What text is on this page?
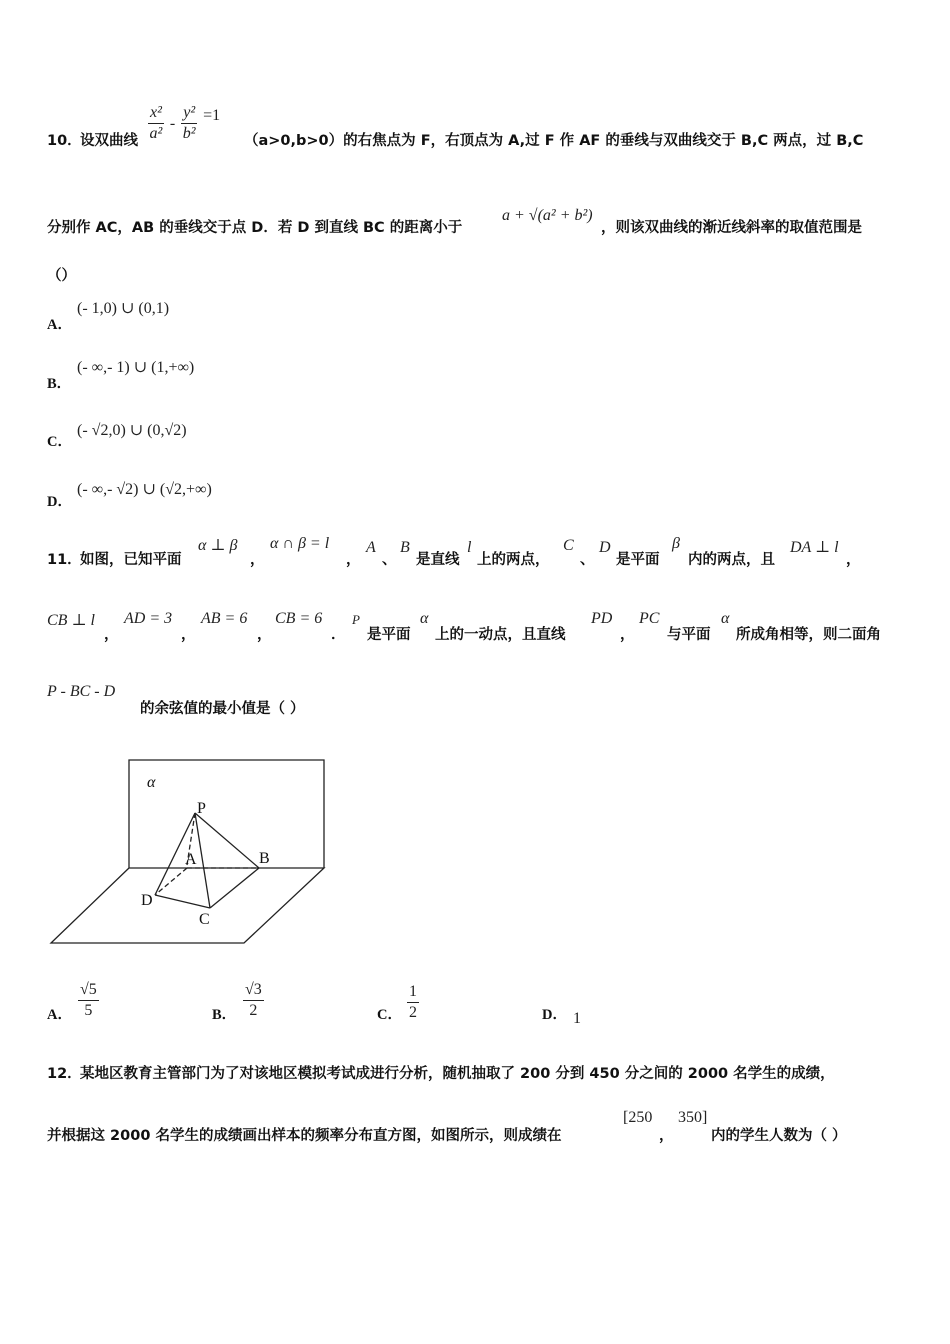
10．
设双曲线 $\frac{\text{x²}}{\text{a²}} - \frac{\text{y²}}{\text{b²}} =1$
（a>0,b>0）的右焦点为 F，右顶点为 A,过 F 作 AF 的垂线与双曲线交于 B,C 两点，过 B,C
分别作 AC，AB 的垂线交于点 D．若 D 到直线 BC 的距离小于
a + √(a² + b²)
，则该双曲线的渐近线斜率的取值范围是
（）
A．
(- 1,0) ∪ (0,1)
B．
(- ∞,- 1) ∪ (1,+∞)
C．
(- √2,0) ∪ (0,√2)
D．
(- ∞,- √2) ∪ (√2,+∞)
11．
如图，已知平面
α ⊥ β
，
α ∩ β = l
，
A
、
B
是直线
l
上的两点，
C
、
D
是平面
β
内的两点，且
DA ⊥ l
，
CB ⊥ l
，
AD = 3
，
AB = 6
，
CB = 6
．
P
是平面
α
上的一动点，且直线
PD
，
PC
与平面
α
所成角相等，则二面角
P - BC - D
的余弦值的最小值是（ ）
α
P
A	B
D
C
A． $\frac{√5}{5}$	B． $\frac{√3}{2}$	C． $\frac{1}{2}$	D． 1
12．
某地区教育主管部门为了对该地区模拟考试成进行分析，随机抽取了 200 分到 450 分之间的 2000 名学生的成绩，
并根据这 2000 名学生的成绩画出样本的频率分布直方图，如图所示，则成绩在
[250
，
350]
内的学生人数为（ ）
